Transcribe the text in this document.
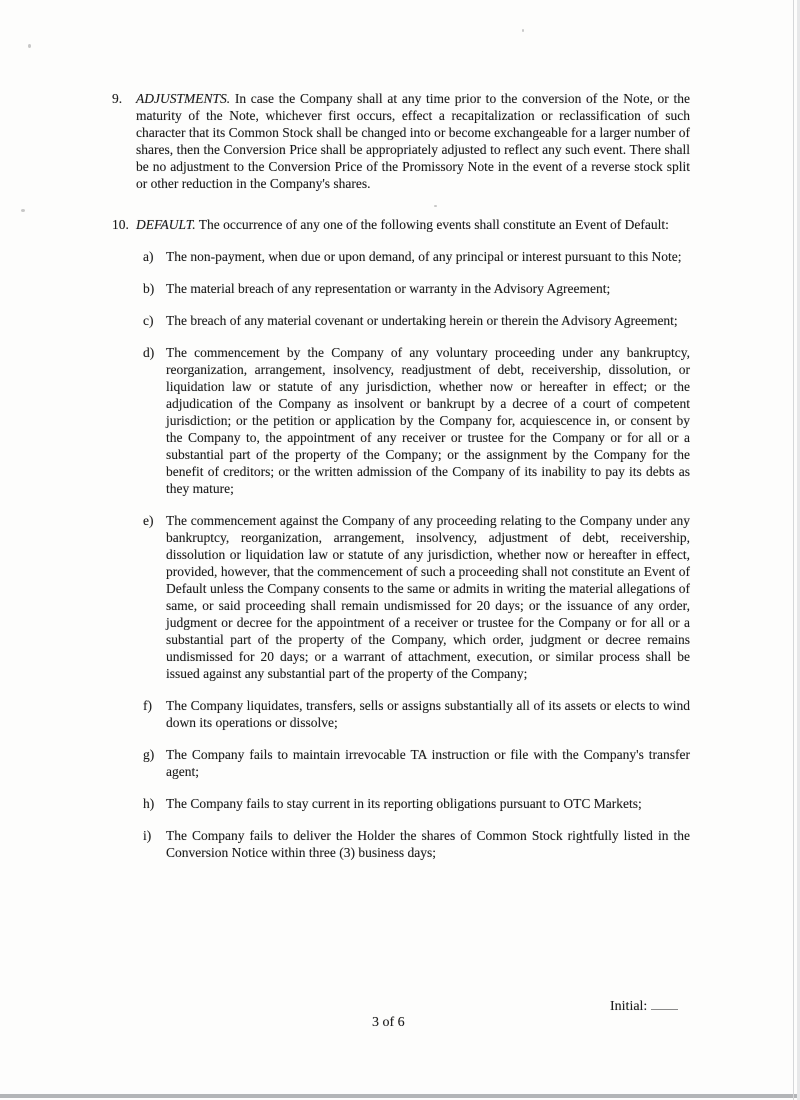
9.	ADJUSTMENTS. In case the Company shall at any time prior to the conversion of the Note, or the maturity of the Note, whichever first occurs, effect a recapitalization or reclassification of such character that its Common Stock shall be changed into or become exchangeable for a larger number of shares, then the Conversion Price shall be appropriately adjusted to reflect any such event. There shall be no adjustment to the Conversion Price of the Promissory Note in the event of a reverse stock split or other reduction in the Company's shares.
10. DEFAULT. The occurrence of any one of the following events shall constitute an Event of Default:
a) The non-payment, when due or upon demand, of any principal or interest pursuant to this Note;
b) The material breach of any representation or warranty in the Advisory Agreement;
c) The breach of any material covenant or undertaking herein or therein the Advisory Agreement;
d) The commencement by the Company of any voluntary proceeding under any bankruptcy, reorganization, arrangement, insolvency, readjustment of debt, receivership, dissolution, or liquidation law or statute of any jurisdiction, whether now or hereafter in effect; or the adjudication of the Company as insolvent or bankrupt by a decree of a court of competent jurisdiction; or the petition or application by the Company for, acquiescence in, or consent by the Company to, the appointment of any receiver or trustee for the Company or for all or a substantial part of the property of the Company; or the assignment by the Company for the benefit of creditors; or the written admission of the Company of its inability to pay its debts as they mature;
e) The commencement against the Company of any proceeding relating to the Company under any bankruptcy, reorganization, arrangement, insolvency, adjustment of debt, receivership, dissolution or liquidation law or statute of any jurisdiction, whether now or hereafter in effect, provided, however, that the commencement of such a proceeding shall not constitute an Event of Default unless the Company consents to the same or admits in writing the material allegations of same, or said proceeding shall remain undismissed for 20 days; or the issuance of any order, judgment or decree for the appointment of a receiver or trustee for the Company or for all or a substantial part of the property of the Company, which order, judgment or decree remains undismissed for 20 days; or a warrant of attachment, execution, or similar process shall be issued against any substantial part of the property of the Company;
f)	The Company liquidates, transfers, sells or assigns substantially all of its assets or elects to wind down its operations or dissolve;
g) The Company fails to maintain irrevocable TA instruction or file with the Company's transfer agent;
h) The Company fails to stay current in its reporting obligations pursuant to OTC Markets;
i)	The Company fails to deliver the Holder the shares of Common Stock rightfully listed in the Conversion Notice within three (3) business days;
Initial:
3 of 6
